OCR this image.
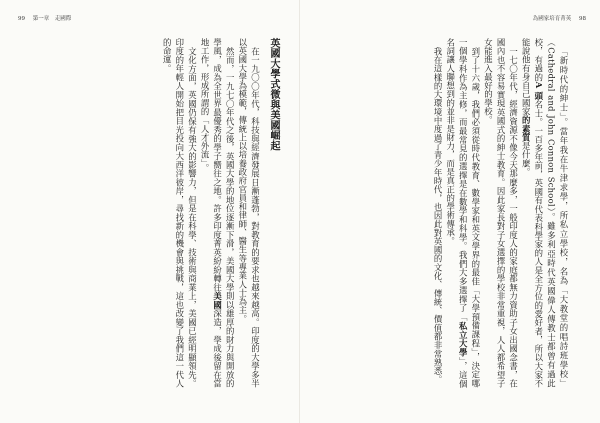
99 第一章　走國際

英國大學式微與美國崛起

在一九〇〇年代，科技與經濟發展日漸蓬勃，對教育的要求也越來越高。印度的大學多半以英國大學為模範，傳統上以培養政府官員和律師、醫生等專業人士為主。

然而，一九七〇年代之後，英國大學的地位逐漸下滑，美國大學則以雄厚的財力與開放的學風，成為全世界最優秀的學子嚮往之地。許多印度菁英紛紛轉往美國深造，學成後留在當地工作，形成所謂的「人才外流」。

文化方面，英國仍保有強大的影響力，但是在科學、技術與商業上，美國已經明顯領先。印度的年輕人開始把目光投向大西洋彼岸，尋找新的機會與挑戰，這也改變了我們這一代人的命運。

為國家培育菁英 98

「新時代的紳士」。當年我在牛津求學，所私立學校，名為「大教堂的唱詩班學校」（Cathedral and John Connon School）。雖多利亞時代英國偉人傳教士都曾有過此校，有過的A 頭名士。一百多年前，英國有代表科學家的人是全方位的愛好者，所以大家不能說他有身自己國家的素質是什麼。

一七〇年代，經濟資源不像今天那麼多，一般印度人的家庭都無力資助子女出國念書，在國內也不容易實現英國式的紳士教育。因此家長對子女選擇的學校非常重視，人人都希望子女能進入最好的學校。

到了十六歲，我們必須從時代教育、數學家和英文學界的最佳「大學預備課程」，決定哪一個學科作為主修，而最常見的選擇是在數學和科學。我們大多選擇了「私立大學」，這個名詞讓人聯想到的並非是財力，而是真正的學術傳承。

我在這樣的大環境中度過了青少年時代，也因此對英國的文化、傳統、價值都非常熟悉。
